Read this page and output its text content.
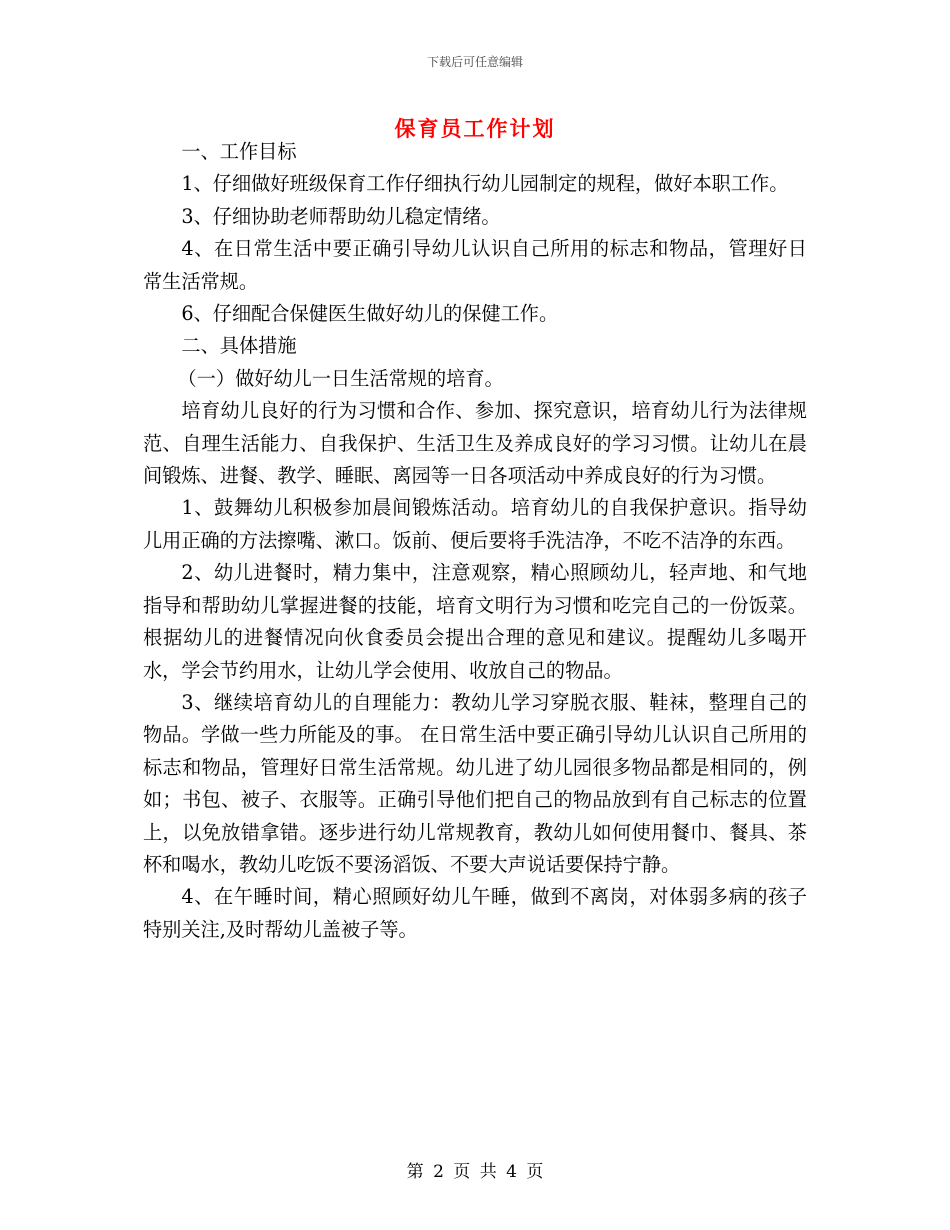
下载后可任意编辑
保育员工作计划

一、工作目标

1、仔细做好班级保育工作仔细执行幼儿园制定的规程，做好本职工作。

3、仔细协助老师帮助幼儿稳定情绪。

4、在日常生活中要正确引导幼儿认识自己所用的标志和物品，管理好日常生活常规。

6、仔细配合保健医生做好幼儿的保健工作。

二、具体措施

（一）做好幼儿一日生活常规的培育。

培育幼儿良好的行为习惯和合作、参加、探究意识，培育幼儿行为法律规范、自理生活能力、自我保护、生活卫生及养成良好的学习习惯。让幼儿在晨间锻炼、进餐、教学、睡眠、离园等一日各项活动中养成良好的行为习惯。

1、鼓舞幼儿积极参加晨间锻炼活动。培育幼儿的自我保护意识。指导幼儿用正确的方法擦嘴、漱口。饭前、便后要将手洗洁净，不吃不洁净的东西。

2、幼儿进餐时，精力集中，注意观察，精心照顾幼儿，轻声地、和气地指导和帮助幼儿掌握进餐的技能，培育文明行为习惯和吃完自己的一份饭菜。根据幼儿的进餐情况向伙食委员会提出合理的意见和建议。提醒幼儿多喝开水，学会节约用水，让幼儿学会使用、收放自己的物品。

3、继续培育幼儿的自理能力：教幼儿学习穿脱衣服、鞋袜，整理自己的物品。学做一些力所能及的事。 在日常生活中要正确引导幼儿认识自己所用的标志和物品，管理好日常生活常规。幼儿进了幼儿园很多物品都是相同的，例如；书包、被子、衣服等。正确引导他们把自己的物品放到有自己标志的位置上，以免放错拿错。逐步进行幼儿常规教育，教幼儿如何使用餐巾、餐具、茶杯和喝水，教幼儿吃饭不要汤滔饭、不要大声说话要保持宁静。

4、在午睡时间，精心照顾好幼儿午睡，做到不离岗，对体弱多病的孩子特别关注,及时帮幼儿盖被子等。

第 2 页 共 4 页
